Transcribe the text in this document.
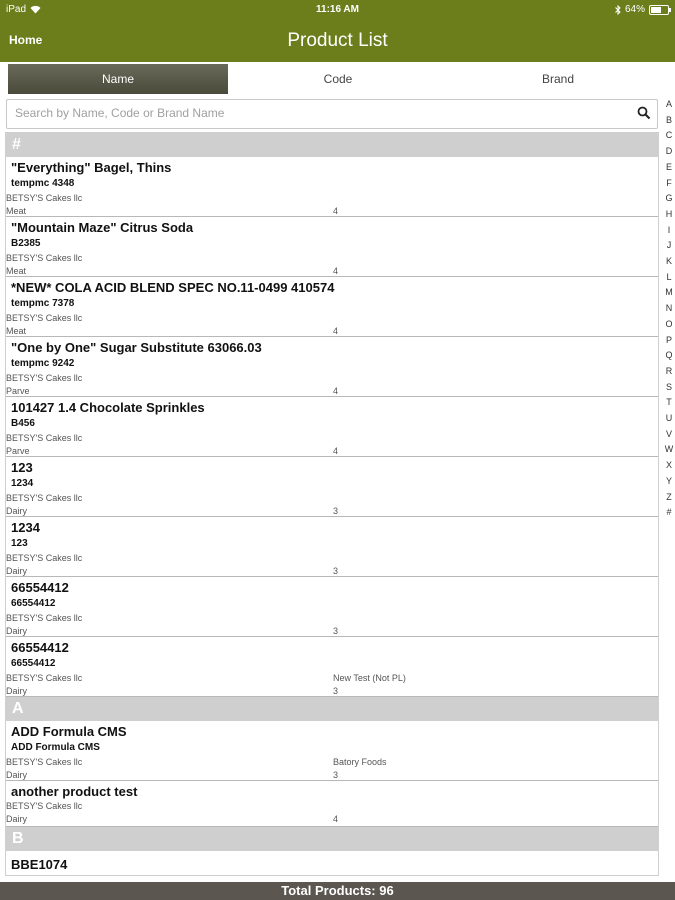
iPad	11:16 AM	64%
Home	Product List
Name	Code	Brand
Search by Name, Code or Brand Name
#
"Everything" Bagel, Thins
tempmc 4348
BETSY'S Cakes llc
Meat	4
"Mountain Maze" Citrus Soda
B2385
BETSY'S Cakes llc
Meat	4
*NEW* COLA ACID BLEND SPEC NO.11-0499 410574
tempmc 7378
BETSY'S Cakes llc
Meat	4
"One by One" Sugar Substitute 63066.03
tempmc 9242
BETSY'S Cakes llc
Parve	4
101427 1.4 Chocolate Sprinkles
B456
BETSY'S Cakes llc
Parve	4
123
1234
BETSY'S Cakes llc
Dairy	3
1234
123
BETSY'S Cakes llc
Dairy	3
66554412
66554412
BETSY'S Cakes llc
Dairy	3
66554412
66554412
BETSY'S Cakes llc	New Test (Not PL)
Dairy	3
A
ADD Formula CMS
ADD Formula CMS
BETSY'S Cakes llc	Batory Foods
Dairy	3
another product test
BETSY'S Cakes llc
Dairy	4
B
BBE1074
A
B
C
D
E
F
G
H
I
J
K
L
M
N
O
P
Q
R
S
T
U
V
W
X
Y
Z
#
Total Products: 96
